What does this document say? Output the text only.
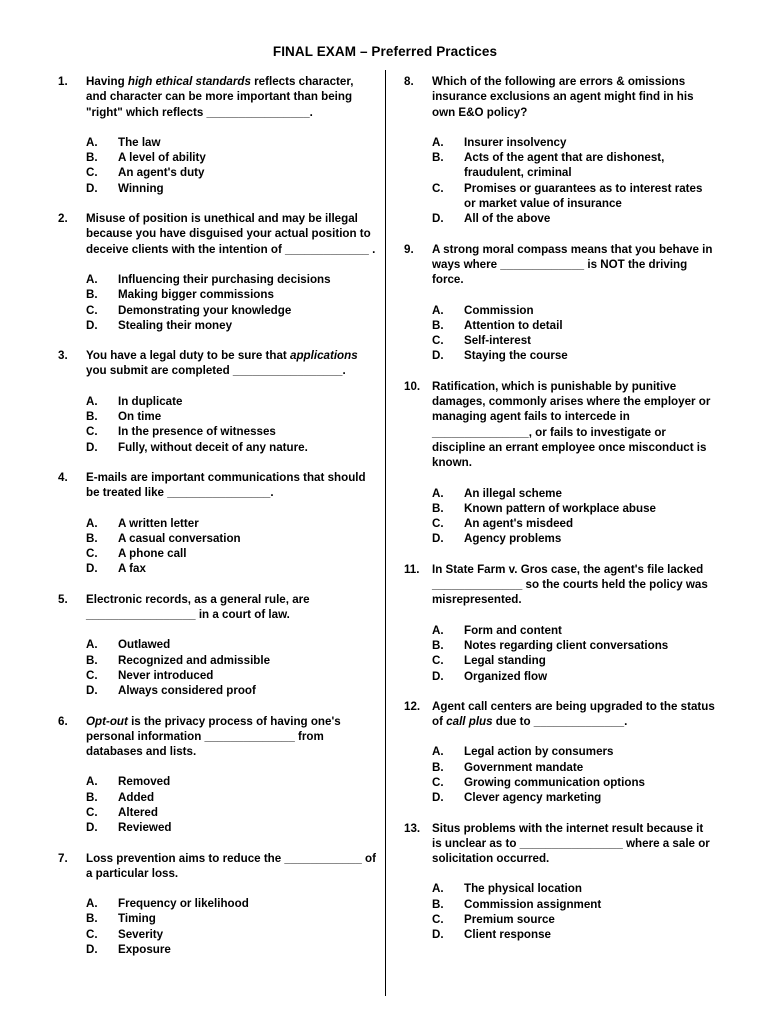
FINAL EXAM – Preferred Practices
1.	Having high ethical standards reflects character, and character can be more important than being "right" which reflects ________________.
A.	The law
B.	A level of ability
C.	An agent's duty
D.	Winning
2.	Misuse of position is unethical and may be illegal because you have disguised your actual position to deceive clients with the intention of _____________ .
A.	Influencing their purchasing decisions
B.	Making bigger commissions
C.	Demonstrating your knowledge
D.	Stealing their money
3.	You have a legal duty to be sure that applications you submit are completed _________________.
A.	In duplicate
B.	On time
C.	In the presence of witnesses
D.	Fully, without deceit of any nature.
4.	E-mails are important communications that should be treated like ________________.
A.	A written letter
B.	A casual conversation
C.	A phone call
D.	A fax
5.	Electronic records, as a general rule, are _________________ in a court of law.
A.	Outlawed
B.	Recognized and admissible
C.	Never introduced
D.	Always considered proof
6.	Opt-out is the privacy process of having one's personal information ______________ from databases and lists.
A.	Removed
B.	Added
C.	Altered
D.	Reviewed
7.	Loss prevention aims to reduce the ____________ of a particular loss.
A.	Frequency or likelihood
B.	Timing
C.	Severity
D.	Exposure
8.	Which of the following are errors & omissions insurance exclusions an agent might find in his own E&O policy?
A.	Insurer insolvency
B.	Acts of the agent that are dishonest, fraudulent, criminal
C.	Promises or guarantees as to interest rates or market value of insurance
D.	All of the above
9.	A strong moral compass means that you behave in ways where _____________ is NOT the driving force.
A.	Commission
B.	Attention to detail
C.	Self-interest
D.	Staying the course
10.	Ratification, which is punishable by punitive damages, commonly arises where the employer or managing agent fails to intercede in _______________, or fails to investigate or discipline an errant employee once misconduct is known.
A.	An illegal scheme
B.	Known pattern of workplace abuse
C.	An agent's misdeed
D.	Agency problems
11.	In State Farm v. Gros case, the agent's file lacked ______________ so the courts held the policy was misrepresented.
A.	Form and content
B.	Notes regarding client conversations
C.	Legal standing
D.	Organized flow
12.	Agent call centers are being upgraded to the status of call plus due to ______________.
A.	Legal action by consumers
B.	Government mandate
C.	Growing communication options
D.	Clever agency marketing
13.	Situs problems with the internet result because it is unclear as to ________________ where a sale or solicitation occurred.
A.	The physical location
B.	Commission assignment
C.	Premium source
D.	Client response
